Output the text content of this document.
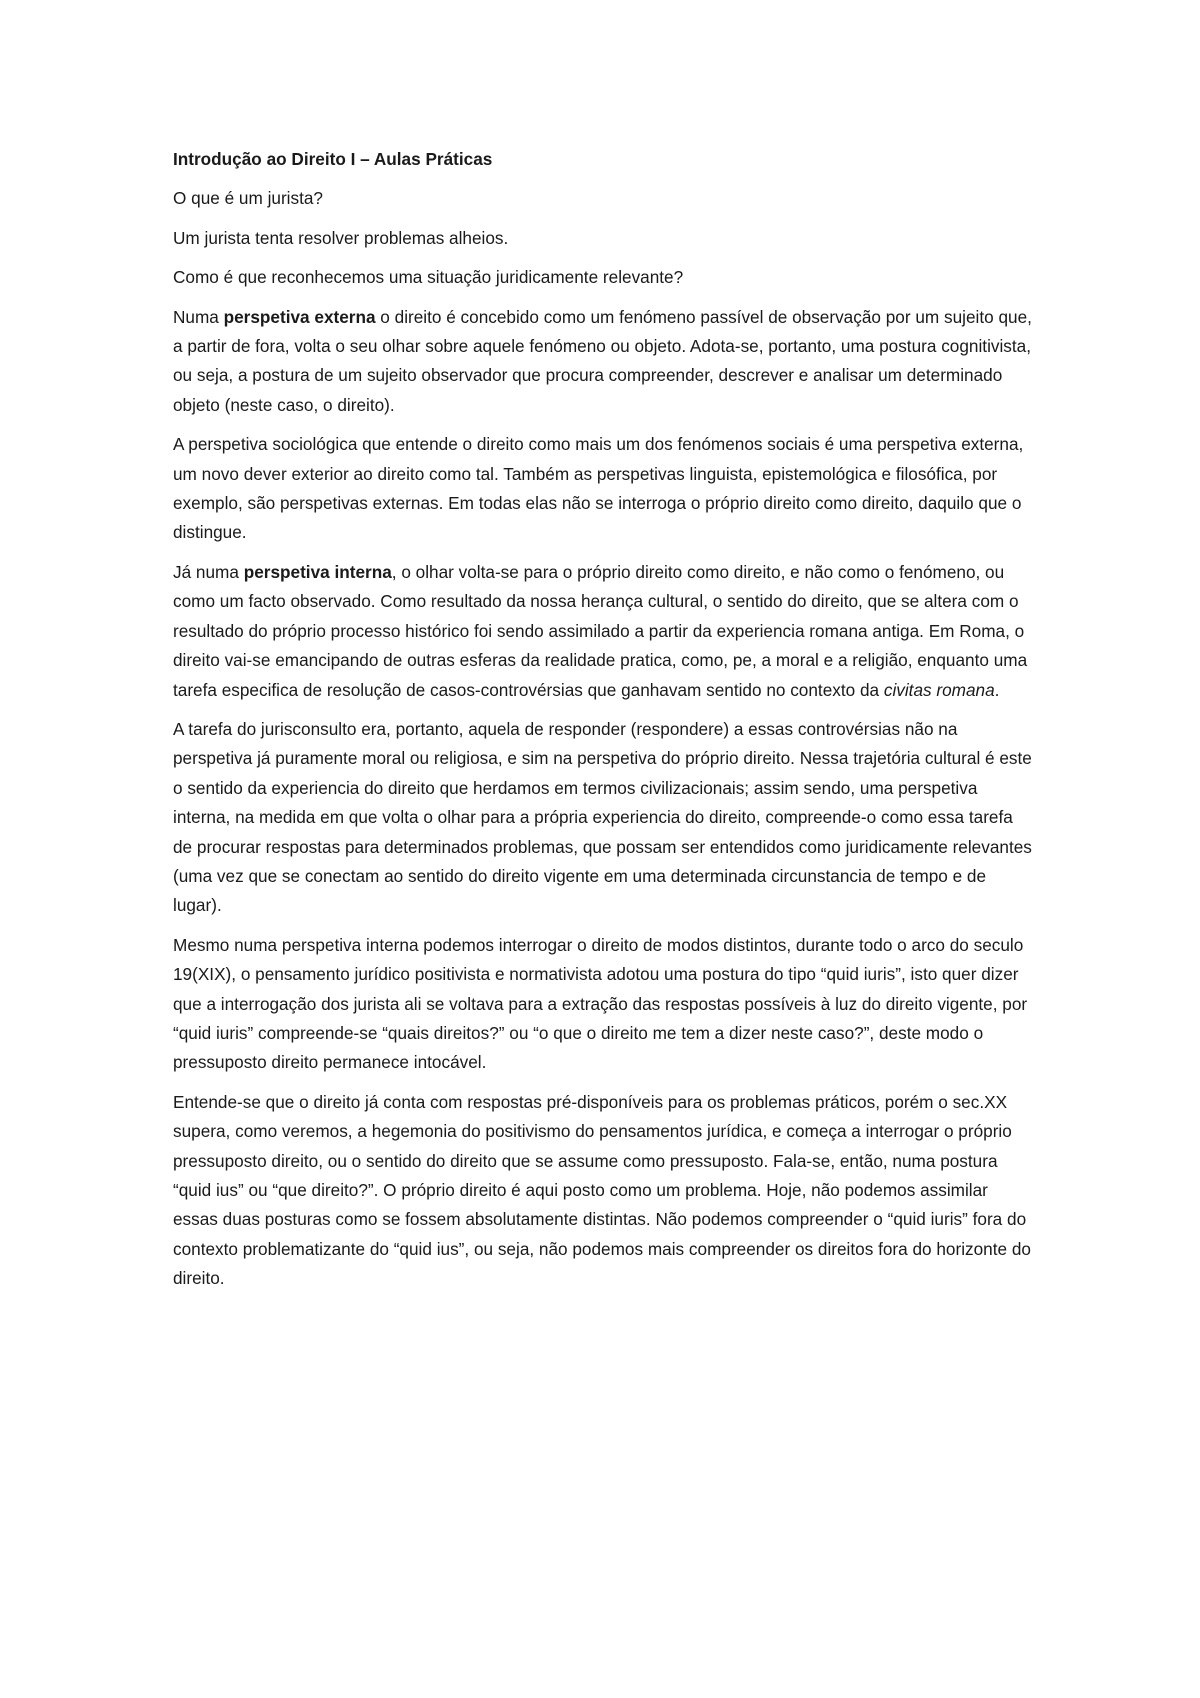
Introdução ao Direito I – Aulas Práticas

O que é um jurista?

Um jurista tenta resolver problemas alheios.

Como é que reconhecemos uma situação juridicamente relevante?

Numa perspetiva externa o direito é concebido como um fenómeno passível de observação por um sujeito que, a partir de fora, volta o seu olhar sobre aquele fenómeno ou objeto. Adota-se, portanto, uma postura cognitivista, ou seja, a postura de um sujeito observador que procura compreender, descrever e analisar um determinado objeto (neste caso, o direito).

A perspetiva sociológica que entende o direito como mais um dos fenómenos sociais é uma perspetiva externa, um novo dever exterior ao direito como tal. Também as perspetivas linguista, epistemológica e filosófica, por exemplo, são perspetivas externas. Em todas elas não se interroga o próprio direito como direito, daquilo que o distingue.

Já numa perspetiva interna, o olhar volta-se para o próprio direito como direito, e não como o fenómeno, ou como um facto observado. Como resultado da nossa herança cultural, o sentido do direito, que se altera com o resultado do próprio processo histórico foi sendo assimilado a partir da experiencia romana antiga. Em Roma, o direito vai-se emancipando de outras esferas da realidade pratica, como, pe, a moral e a religião, enquanto uma tarefa especifica de resolução de casos-controvérsias que ganhavam sentido no contexto da civitas romana.

A tarefa do jurisconsulto era, portanto, aquela de responder (respondere) a essas controvérsias não na perspetiva já puramente moral ou religiosa, e sim na perspetiva do próprio direito. Nessa trajetória cultural é este o sentido da experiencia do direito que herdamos em termos civilizacionais; assim sendo, uma perspetiva interna, na medida em que volta o olhar para a própria experiencia do direito, compreende-o como essa tarefa de procurar respostas para determinados problemas, que possam ser entendidos como juridicamente relevantes (uma vez que se conectam ao sentido do direito vigente em uma determinada circunstancia de tempo e de lugar).

Mesmo numa perspetiva interna podemos interrogar o direito de modos distintos, durante todo o arco do seculo 19(XIX), o pensamento jurídico positivista e normativista adotou uma postura do tipo “quid iuris”, isto quer dizer que a interrogação dos jurista ali se voltava para a extração das respostas possíveis à luz do direito vigente, por “quid iuris” compreende-se “quais direitos?” ou “o que o direito me tem a dizer neste caso?”, deste modo o pressuposto direito permanece intocável.

Entende-se que o direito já conta com respostas pré-disponíveis para os problemas práticos, porém o sec.XX supera, como veremos, a hegemonia do positivismo do pensamentos jurídica, e começa a interrogar o próprio pressuposto direito, ou o sentido do direito que se assume como pressuposto. Fala-se, então, numa postura “quid ius” ou “que direito?”. O próprio direito é aqui posto como um problema. Hoje, não podemos assimilar essas duas posturas como se fossem absolutamente distintas. Não podemos compreender o “quid iuris” fora do contexto problematizante do “quid ius”, ou seja, não podemos mais compreender os direitos fora do horizonte do direito.
